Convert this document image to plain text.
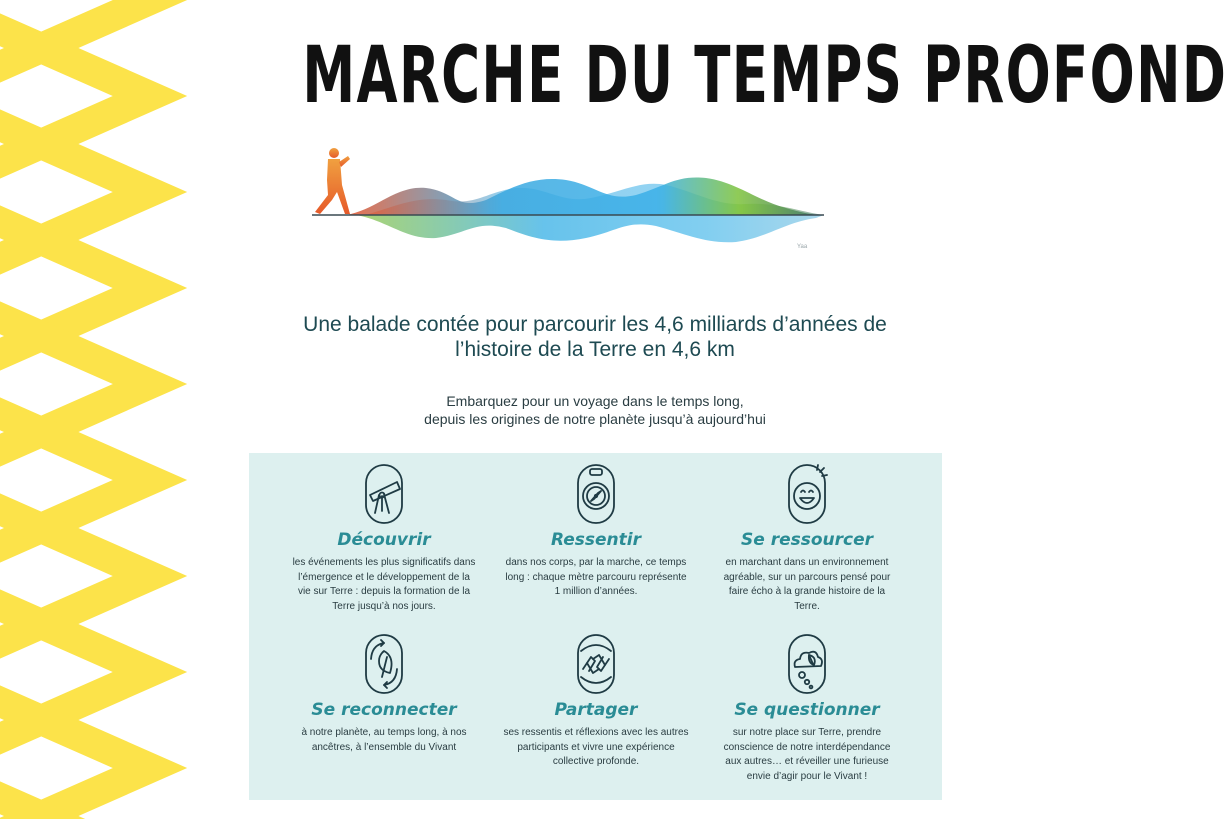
MARCHE DU TEMPS PROFOND
Yaa
Une balade contée pour parcourir les 4,6 milliards d’années de
l’histoire de la Terre en 4,6 km
Embarquez pour un voyage dans le temps long,
depuis les origines de notre planète jusqu’à aujourd’hui
Découvrir
les événements les plus significatifs dans
l’émergence et le développement de la
vie sur Terre : depuis la formation de la
Terre jusqu’à nos jours.
Ressentir
dans nos corps, par la marche, ce temps
long : chaque mètre parcouru représente
1 million d’années.
Se ressourcer
en marchant dans un environnement
agréable, sur un parcours pensé pour
faire écho à la grande histoire de la
Terre.
Se reconnecter
à notre planète, au temps long, à nos
ancêtres, à l’ensemble du Vivant
Partager
ses ressentis et réflexions avec les autres
participants et vivre une expérience
collective profonde.
Se questionner
sur notre place sur Terre, prendre
conscience de notre interdépendance
aux autres… et réveiller une furieuse
envie d’agir pour le Vivant !
